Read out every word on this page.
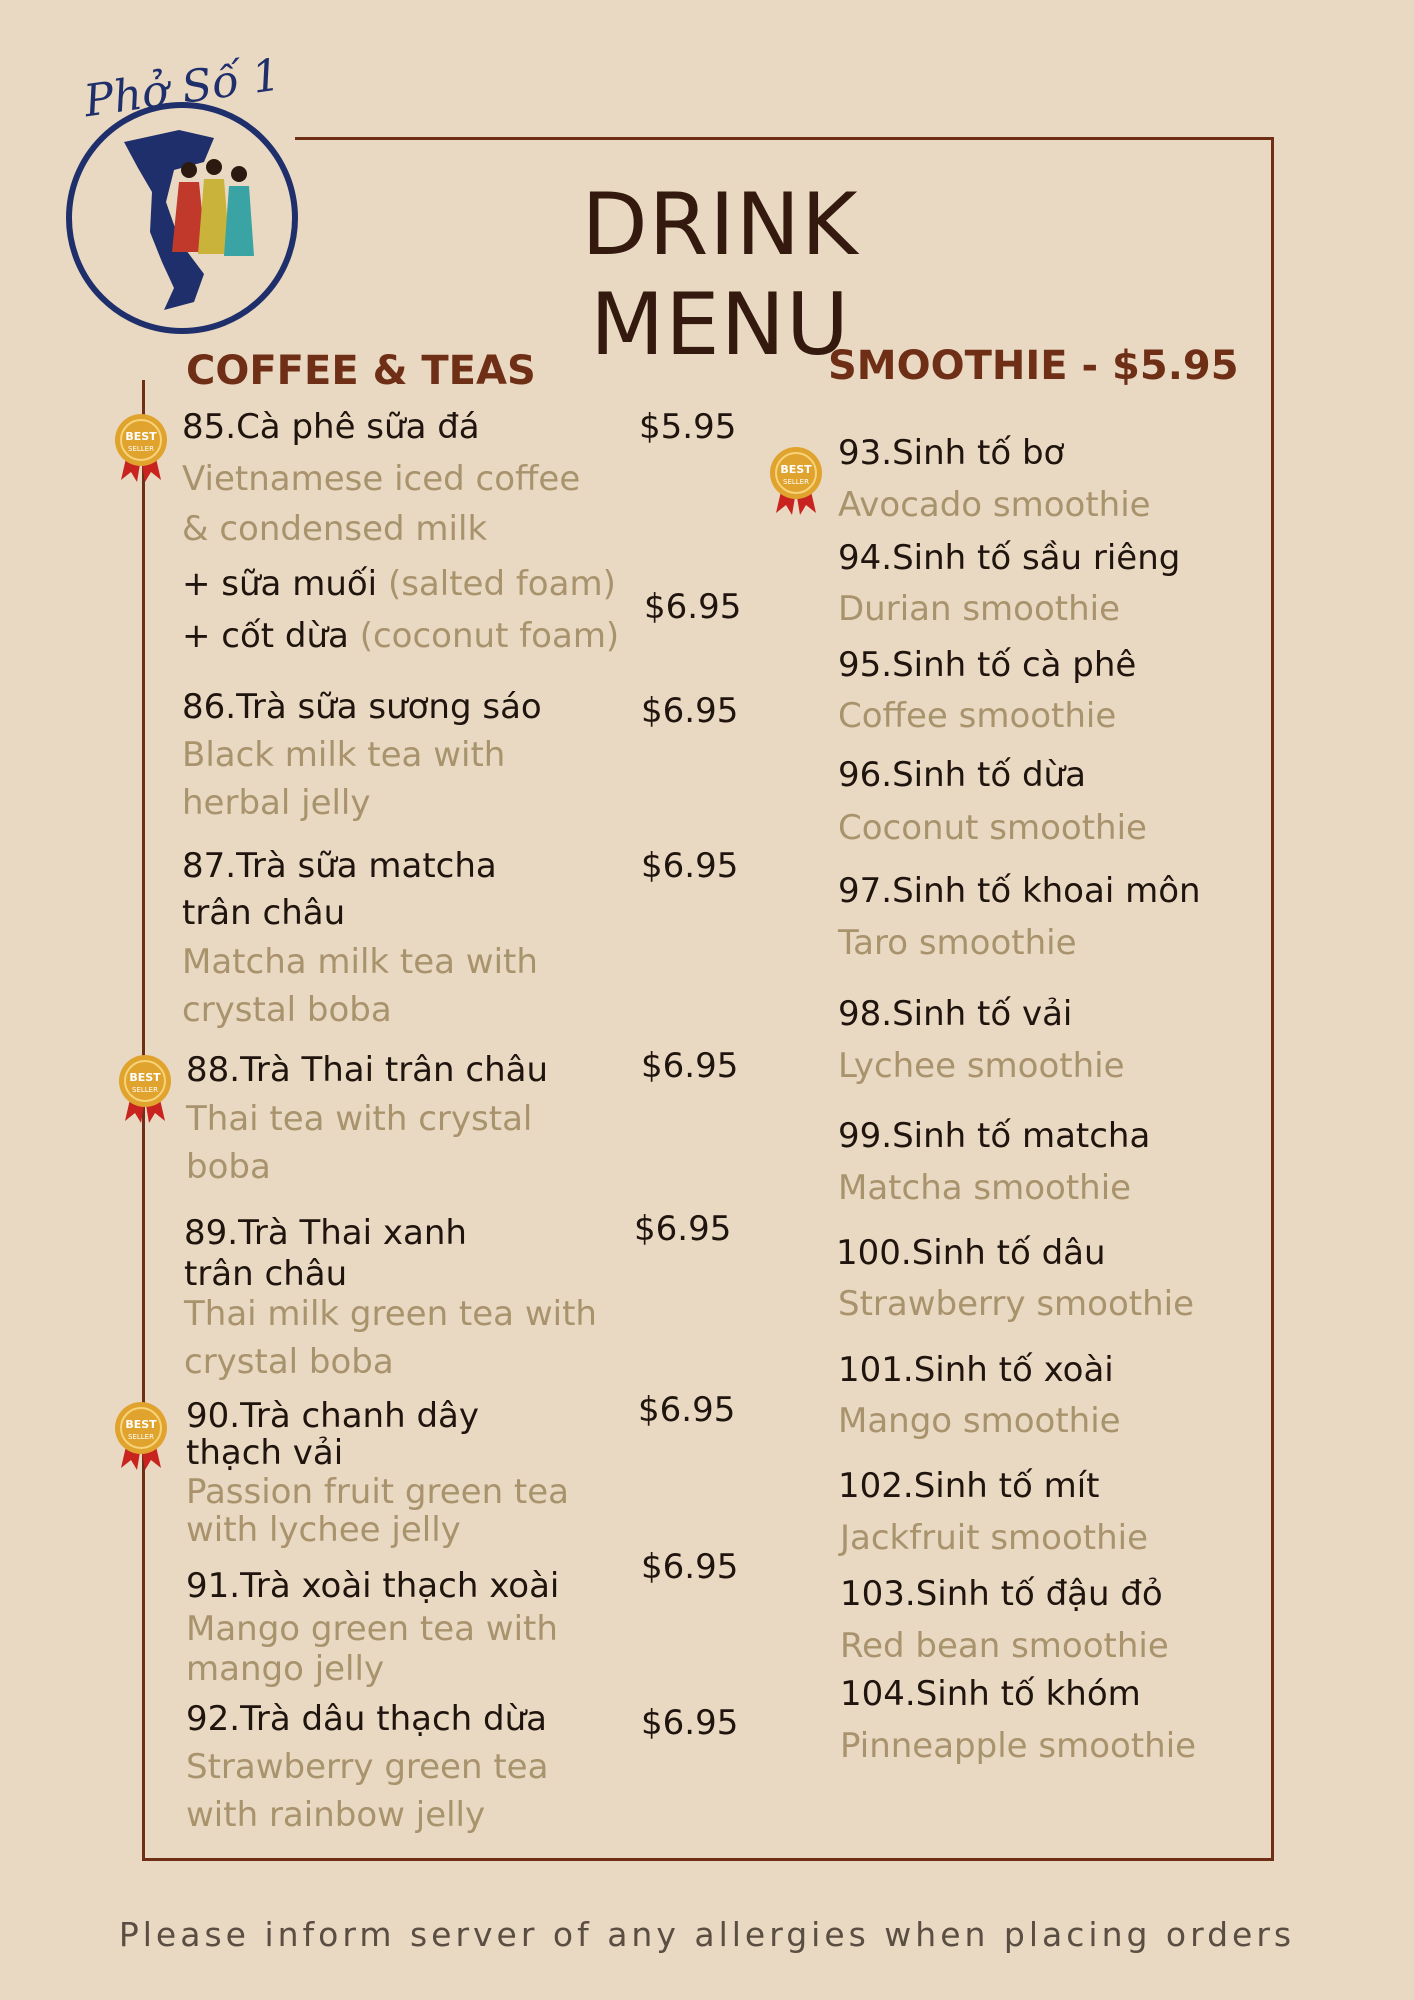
Phở Số 1
DRINK MENU
COFFEE & TEAS
BEST
SELLER
BEST
SELLER
BEST
SELLER
BEST
SELLER
85.Cà phê sữa đá	$5.95
Vietnamese iced coffee
& condensed milk
+ sữa muối (salted foam)
+ cốt dừa (coconut foam)
$6.95
86.Trà sữa sương sáo	$6.95
Black milk tea with
herbal jelly
87.Trà sữa matcha
trân châu
$6.95
Matcha milk tea with
crystal boba
88.Trà Thai trân châu	$6.95
Thai tea with crystal
boba
89.Trà Thai xanh
trân châu
$6.95
Thai milk green tea with
crystal boba
90.Trà chanh dây
thạch vải
$6.95
Passion fruit green tea
with lychee jelly
91.Trà xoài thạch xoài $6.95
Mango green tea with
mango jelly
92.Trà dâu thạch dừa	$6.95
Strawberry green tea
with rainbow jelly
SMOOTHIE - $5.95
93.Sinh tố bơ
Avocado smoothie
94.Sinh tố sầu riêng
Durian smoothie
95.Sinh tố cà phê
Coffee smoothie
96.Sinh tố dừa
Coconut smoothie
97.Sinh tố khoai môn
Taro smoothie
98.Sinh tố vải
Lychee smoothie
99.Sinh tố matcha
Matcha smoothie
100.Sinh tố dâu
Strawberry smoothie
101.Sinh tố xoài
Mango smoothie
102.Sinh tố mít
Jackfruit smoothie
103.Sinh tố đậu đỏ
Red bean smoothie
104.Sinh tố khóm
Pinneapple smoothie
Please inform server of any allergies when placing orders
